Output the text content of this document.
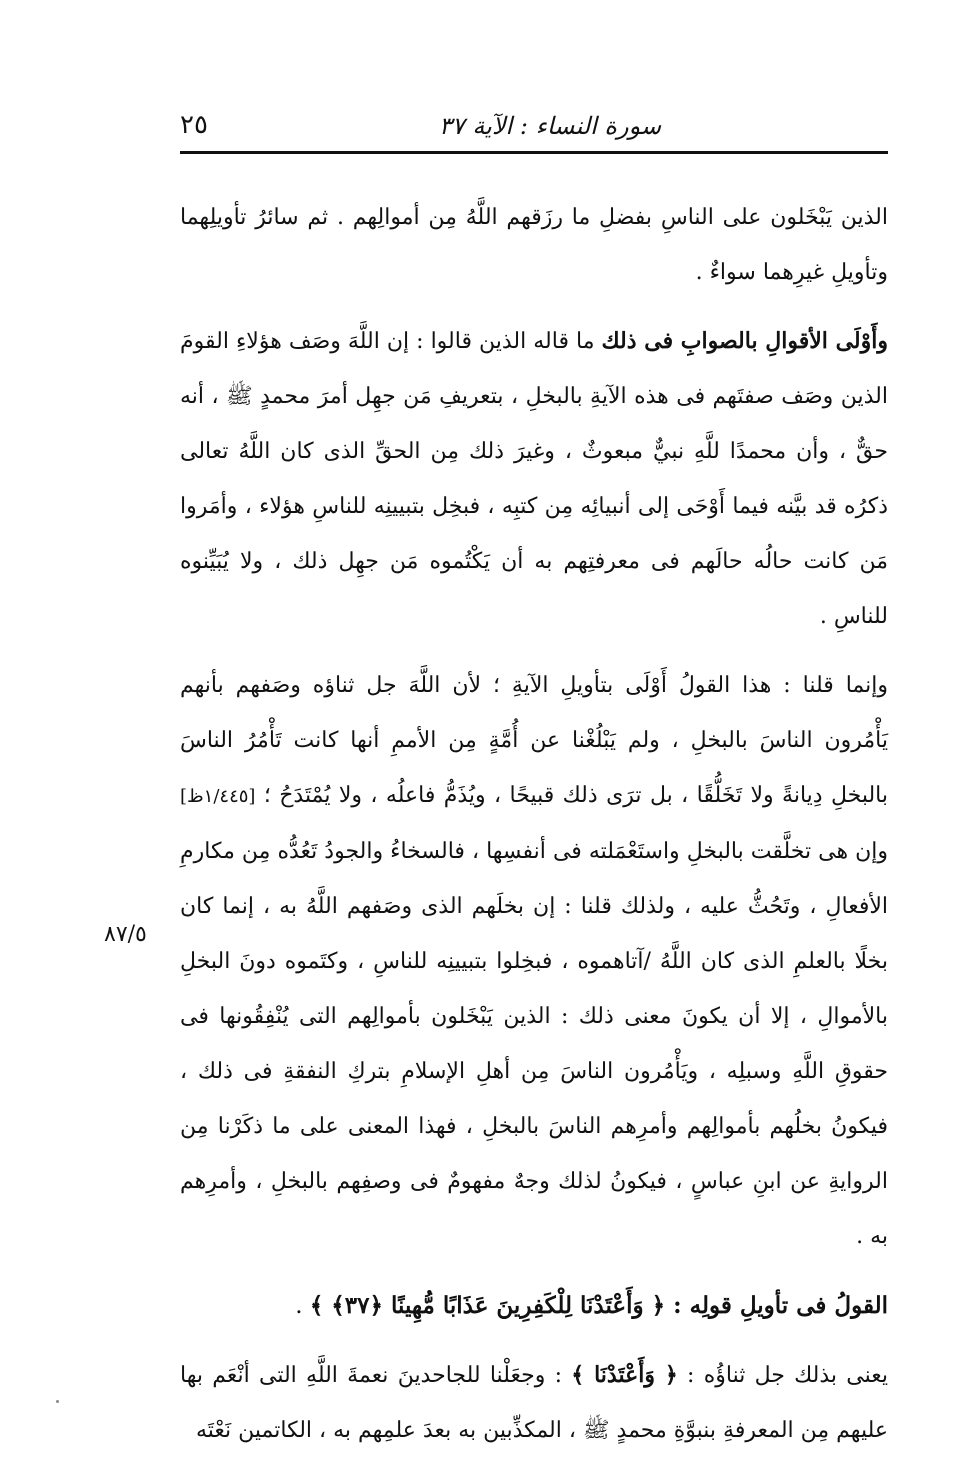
٢٥	سورة النساء : الآية ٣٧
٨٧/٥

الذين يَبْخَلون على الناسِ بفضلِ ما رزَقهم اللَّهُ مِن أموالِهم . ثم سائرُ تأويلِهما وتأويلِ غيرِهما سواءٌ .

وأَوْلَى الأقوالِ بالصوابِ فى ذلك ما قاله الذين قالوا : إن اللَّهَ وصَف هؤلاءِ القومَ الذين وصَف صفتَهم فى هذه الآيةِ بالبخلِ ، بتعريفِ مَن جهِل أمرَ محمدٍ ﷺ ، أنه حقٌّ ، وأن محمدًا للَّهِ نبيٌّ مبعوثٌ ، وغيرَ ذلك مِن الحقِّ الذى كان اللَّهُ تعالى ذكرُه قد بيَّنه فيما أَوْحَى إلى أنبيائِه مِن كتبِه ، فبخِل بتبيينِه للناسِ هؤلاء ، وأمَروا مَن كانت حالُه حالَهم فى معرفتِهم به أن يَكْتُموه مَن جهِل ذلك ، ولا يُبَيِّنوه للناسِ .

وإنما قلنا : هذا القولُ أَوْلَى بتأويلِ الآيةِ ؛ لأن اللَّهَ جل ثناؤه وصَفهم بأنهم يَأْمُرون الناسَ بالبخلِ ، ولم يَبْلُغْنا عن أُمَّةٍ مِن الأممِ أنها كانت تَأْمُرُ الناسَ بالبخلِ دِيانةً ولا تَخَلُّقًا ، بل ترَى ذلك قبيحًا ، ويُذَمُّ فاعلُه ، ولا يُمْتَدَحُ ؛ [١/٤٤٥ظ] وإن هى تخلَّقت بالبخلِ واستَعْمَلته فى أنفسِها ، فالسخاءُ والجودُ تَعُدُّه مِن مكارمِ الأفعالِ ، وتَحُثُّ عليه ، ولذلك قلنا : إن بخلَهم الذى وصَفهم اللَّهُ به ، إنما كان بخلًا بالعلمِ الذى كان اللَّهُ /آتاهموه ، فبخِلوا بتبيينِه للناسِ ، وكتَموه دونَ البخلِ بالأموالِ ، إلا أن يكونَ معنى ذلك : الذين يَبْخَلون بأموالِهم التى يُنْفِقُونها فى حقوقِ اللَّهِ وسبلِه ، ويَأْمُرون الناسَ مِن أهلِ الإسلامِ بتركِ النفقةِ فى ذلك ، فيكونُ بخلُهم بأموالِهم وأمرِهم الناسَ بالبخلِ ، فهذا المعنى على ما ذكَرْنا مِن الروايةِ عن ابنِ عباسٍ ، فيكونُ لذلك وجهٌ مفهومٌ فى وصفِهم بالبخلِ ، وأمرِهم به .

القولُ فى تأويلِ قولِه : ﴿ وَأَعْتَدْنَا لِلْكَفِرِينَ عَذَابًا مُّهِينًا ﴿٣٧﴾ ﴾ .

يعنى بذلك جل ثناؤُه : ﴿ وَأَعْتَدْنَا ﴾ : وجعَلْنا للجاحدينَ نعمةَ اللَّهِ التى أنْعَم بها عليهم مِن المعرفةِ بنبوَّةِ محمدٍ ﷺ ، المكذِّبين به بعدَ علمِهم به ، الكاتمين نَعْتَه
